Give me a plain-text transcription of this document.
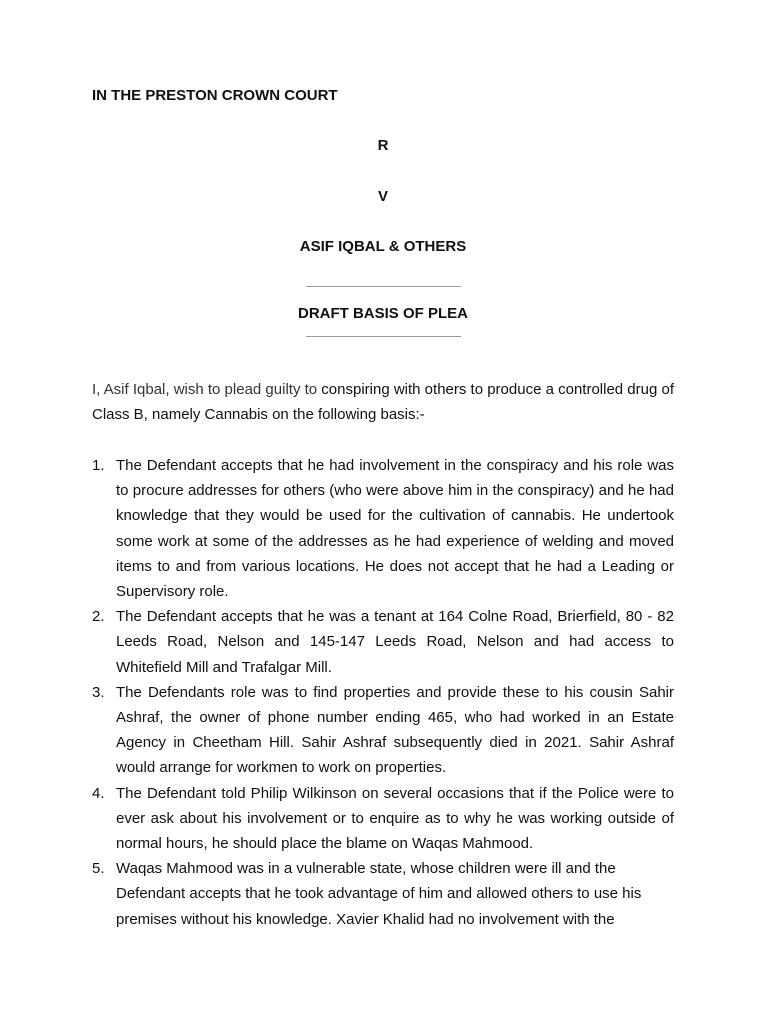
IN THE PRESTON CROWN COURT
R
V
ASIF IQBAL & OTHERS
DRAFT BASIS OF PLEA

I, Asif Iqbal, wish to plead guilty to conspiring with others to produce a controlled drug of Class B, namely Cannabis on the following basis:-

1. The Defendant accepts that he had involvement in the conspiracy and his role was to procure addresses for others (who were above him in the conspiracy) and he had knowledge that they would be used for the cultivation of cannabis. He undertook some work at some of the addresses as he had experience of welding and moved items to and from various locations. He does not accept that he had a Leading or Supervisory role.
2. The Defendant accepts that he was a tenant at 164 Colne Road, Brierfield, 80 - 82 Leeds Road, Nelson and 145-147 Leeds Road, Nelson and had access to Whitefield Mill and Trafalgar Mill.
3. The Defendants role was to find properties and provide these to his cousin Sahir Ashraf, the owner of phone number ending 465, who had worked in an Estate Agency in Cheetham Hill. Sahir Ashraf subsequently died in 2021. Sahir Ashraf would arrange for workmen to work on properties.
4. The Defendant told Philip Wilkinson on several occasions that if the Police were to ever ask about his involvement or to enquire as to why he was working outside of normal hours, he should place the blame on Waqas Mahmood.
5. Waqas Mahmood was in a vulnerable state, whose children were ill and the Defendant accepts that he took advantage of him and allowed others to use his premises without his knowledge. Xavier Khalid had no involvement with the
